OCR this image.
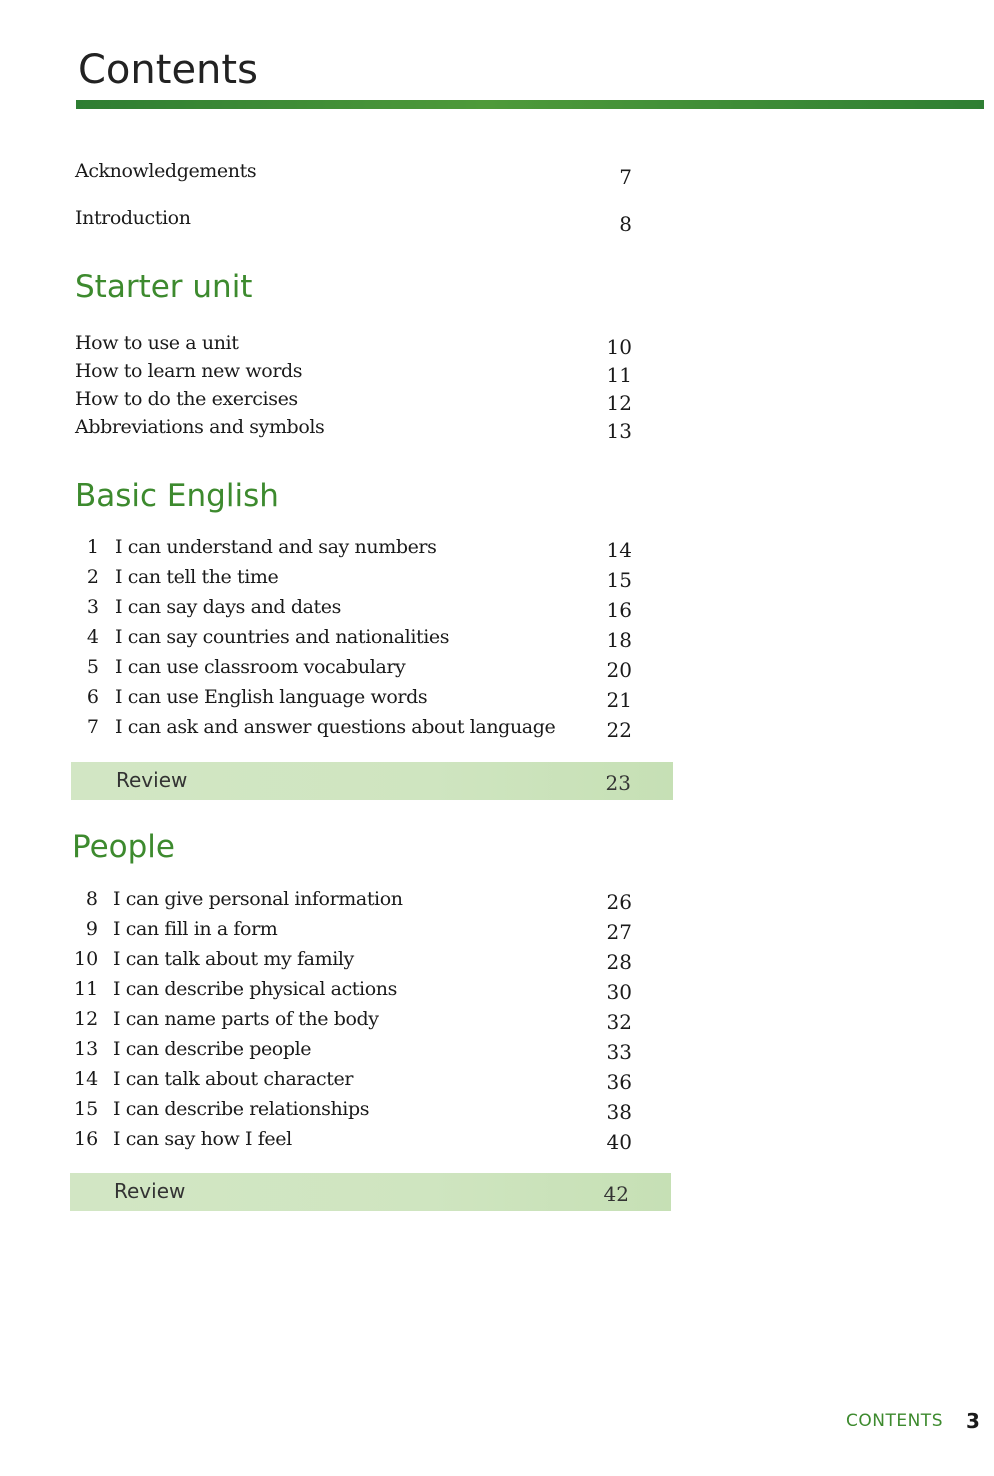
Contents
Acknowledgements	7
Introduction	8
Starter unit
How to use a unit	10
How to learn new words	11
How to do the exercises	12
Abbreviations and symbols	13
Basic English
1 I can understand and say numbers	14
2 I can tell the time	15
3 I can say days and dates	16
4 I can say countries and nationalities	18
5 I can use classroom vocabulary	20
6 I can use English language words	21
7 I can ask and answer questions about language	22
Review	23
People
8 I can give personal information	26
9 I can fill in a form	27
10 I can talk about my family	28
11 I can describe physical actions	30
12 I can name parts of the body	32
13 I can describe people	33
14 I can talk about character	36
15 I can describe relationships	38
16 I can say how I feel	40
Review	42
CONTENTS 3
